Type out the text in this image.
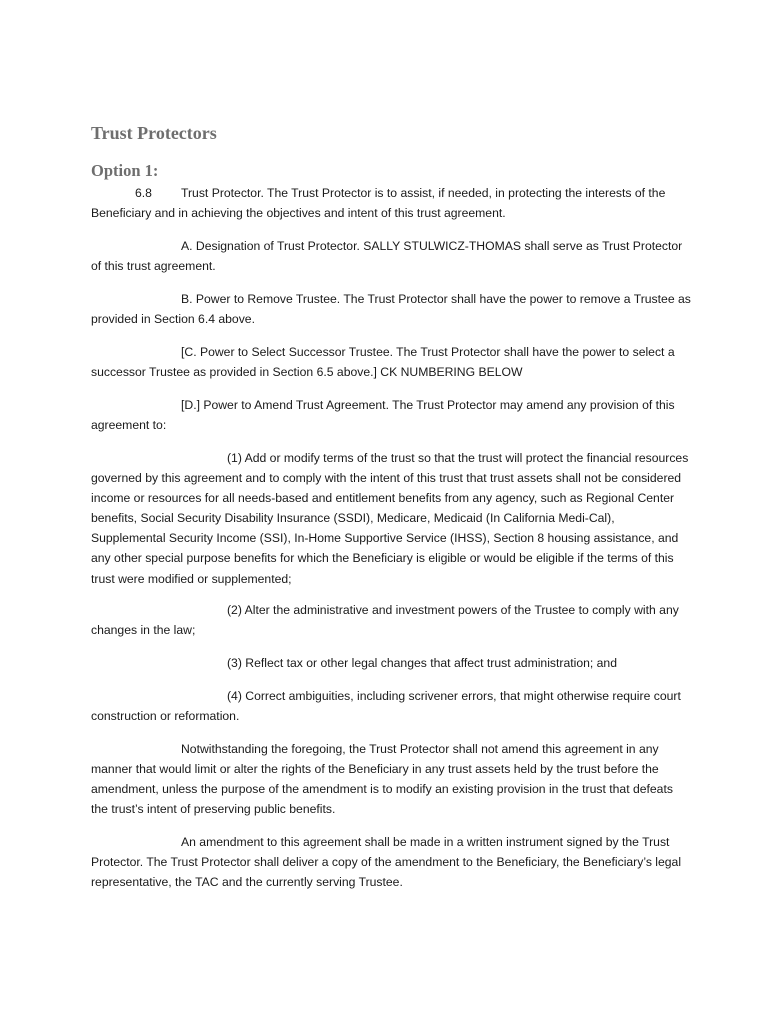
Trust Protectors
Option 1:

6.8 Trust Protector. The Trust Protector is to assist, if needed, in protecting the interests of the Beneficiary and in achieving the objectives and intent of this trust agreement.

A. Designation of Trust Protector. SALLY STULWICZ-THOMAS shall serve as Trust Protector of this trust agreement.

B. Power to Remove Trustee. The Trust Protector shall have the power to remove a Trustee as provided in Section 6.4 above.

[C. Power to Select Successor Trustee. The Trust Protector shall have the power to select a successor Trustee as provided in Section 6.5 above.] CK NUMBERING BELOW

[D.] Power to Amend Trust Agreement. The Trust Protector may amend any provision of this agreement to:

(1) Add or modify terms of the trust so that the trust will protect the financial resources governed by this agreement and to comply with the intent of this trust that trust assets shall not be considered income or resources for all needs-based and entitlement benefits from any agency, such as Regional Center benefits, Social Security Disability Insurance (SSDI), Medicare, Medicaid (In California Medi-Cal), Supplemental Security Income (SSI), In-Home Supportive Service (IHSS), Section 8 housing assistance, and any other special purpose benefits for which the Beneficiary is eligible or would be eligible if the terms of this trust were modified or supplemented;

(2) Alter the administrative and investment powers of the Trustee to comply with any changes in the law;

(3) Reflect tax or other legal changes that affect trust administration; and

(4) Correct ambiguities, including scrivener errors, that might otherwise require court construction or reformation.

Notwithstanding the foregoing, the Trust Protector shall not amend this agreement in any manner that would limit or alter the rights of the Beneficiary in any trust assets held by the trust before the amendment, unless the purpose of the amendment is to modify an existing provision in the trust that defeats the trust’s intent of preserving public benefits.

An amendment to this agreement shall be made in a written instrument signed by the Trust Protector. The Trust Protector shall deliver a copy of the amendment to the Beneficiary, the Beneficiary’s legal representative, the TAC and the currently serving Trustee.
